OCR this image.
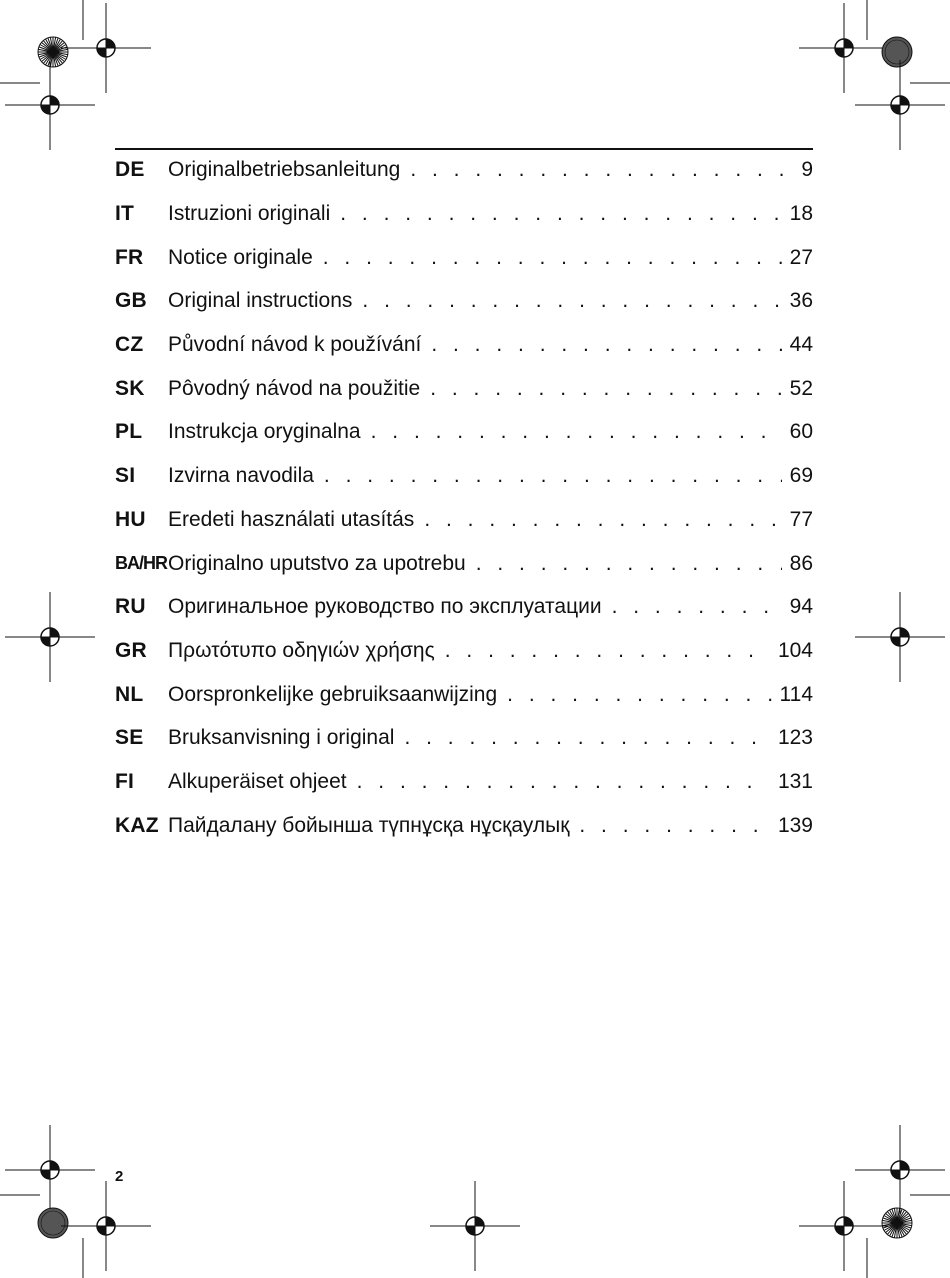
DE	Originalbetriebsanleitung . . .	9
IT	Istruzioni originali . . .	18
FR	Notice originale . . .	27
GB	Original instructions . . .	36
CZ	Původní návod k používání . . .	44
SK	Pôvodný návod na použitie . . .	52
PL	Instrukcja oryginalna . . .	60
SI	Izvirna navodila . . .	69
HU	Eredeti használati utasítás . . .	77
BA/HR Originalno uputstvo za upotrebu . . .	86
RU	Оригинальное руководство по эксплуатации . . .	94
GR	Πρωτότυπο οδηγιών χρήσης . . .	104
NL	Oorspronkelijke gebruiksaanwijzing . . .	114
SE	Bruksanvisning i original . . .	123
FI	Alkuperäiset ohjeet . . .	131
KAZ Пайдалану бойынша түпнұсқа нұсқаулық . . .	139
2
